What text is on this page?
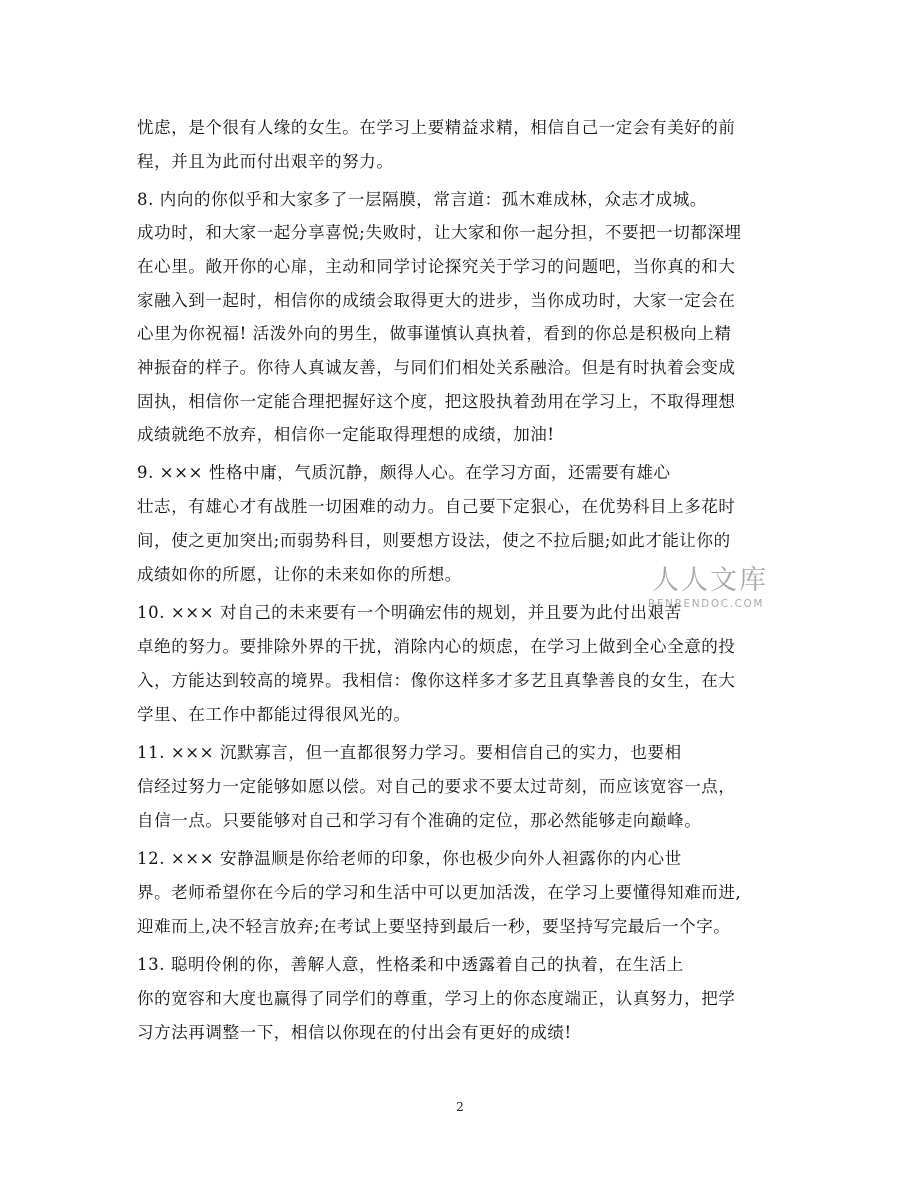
忧虑，是个很有人缘的女生。在学习上要精益求精，相信自己一定会有美好的前
程，并且为此而付出艰辛的努力。
8. 内向的你似乎和大家多了一层隔膜，常言道：孤木难成林，众志才成城。
成功时，和大家一起分享喜悦;失败时，让大家和你一起分担，不要把一切都深埋
在心里。敞开你的心扉，主动和同学讨论探究关于学习的问题吧，当你真的和大
家融入到一起时，相信你的成绩会取得更大的进步，当你成功时，大家一定会在
心里为你祝福! 活泼外向的男生，做事谨慎认真执着，看到的你总是积极向上精
神振奋的样子。你待人真诚友善，与同们们相处关系融洽。但是有时执着会变成
固执，相信你一定能合理把握好这个度，把这股执着劲用在学习上，不取得理想
成绩就绝不放弃，相信你一定能取得理想的成绩，加油!
9. ××× 性格中庸，气质沉静，颇得人心。在学习方面，还需要有雄心
壮志，有雄心才有战胜一切困难的动力。自己要下定狠心，在优势科目上多花时
间，使之更加突出;而弱势科目，则要想方设法，使之不拉后腿;如此才能让你的
成绩如你的所愿，让你的未来如你的所想。
10. ××× 对自己的未来要有一个明确宏伟的规划，并且要为此付出艰苦
卓绝的努力。要排除外界的干扰，消除内心的烦虑，在学习上做到全心全意的投
入，方能达到较高的境界。我相信：像你这样多才多艺且真挚善良的女生，在大
学里、在工作中都能过得很风光的。
11. ××× 沉默寡言，但一直都很努力学习。要相信自己的实力，也要相
信经过努力一定能够如愿以偿。对自己的要求不要太过苛刻，而应该宽容一点，
自信一点。只要能够对自己和学习有个准确的定位，那必然能够走向巅峰。
12. ××× 安静温顺是你给老师的印象，你也极少向外人袒露你的内心世
界。老师希望你在今后的学习和生活中可以更加活泼，在学习上要懂得知难而进,
迎难而上,决不轻言放弃;在考试上要坚持到最后一秒，要坚持写完最后一个字。
13. 聪明伶俐的你，善解人意，性格柔和中透露着自己的执着，在生活上
你的宽容和大度也赢得了同学们的尊重，学习上的你态度端正，认真努力，把学
习方法再调整一下，相信以你现在的付出会有更好的成绩!
人人文库
RENRENDOC.COM
2
